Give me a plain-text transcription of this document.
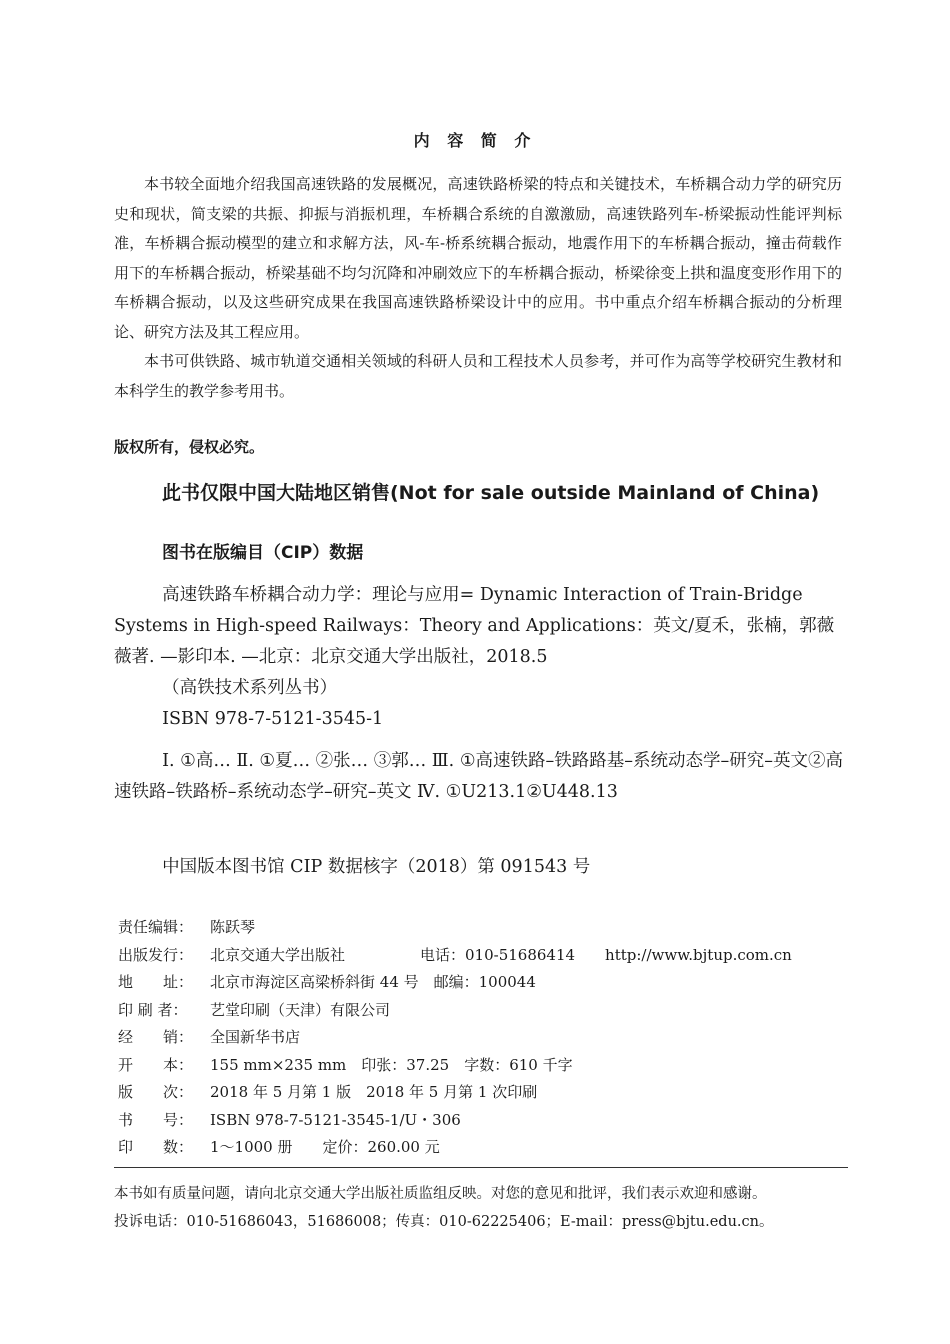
内 容 简 介

本书较全面地介绍我国高速铁路的发展概况，高速铁路桥梁的特点和关键技术，车桥耦合动力学的研究历史和现状，简支梁的共振、抑振与消振机理，车桥耦合系统的自激激励，高速铁路列车-桥梁振动性能评判标准，车桥耦合振动模型的建立和求解方法，风-车-桥系统耦合振动，地震作用下的车桥耦合振动，撞击荷载作用下的车桥耦合振动，桥梁基础不均匀沉降和冲刷效应下的车桥耦合振动，桥梁徐变上拱和温度变形作用下的车桥耦合振动，以及这些研究成果在我国高速铁路桥梁设计中的应用。书中重点介绍车桥耦合振动的分析理论、研究方法及其工程应用。

本书可供铁路、城市轨道交通相关领域的科研人员和工程技术人员参考，并可作为高等学校研究生教材和本科学生的教学参考用书。

版权所有，侵权必究。
此书仅限中国大陆地区销售(Not for sale outside Mainland of China)
图书在版编目（CIP）数据

高速铁路车桥耦合动力学：理论与应用= Dynamic Interaction of Train-Bridge Systems in High-speed Railways：Theory and Applications：英文/夏禾，张楠，郭薇薇著. —影印本. —北京：北京交通大学出版社，2018.5

（高铁技术系列丛书）

ISBN 978-7-5121-3545-1

Ⅰ. ①高… Ⅱ. ①夏… ②张… ③郭… Ⅲ. ①高速铁路–铁路路基–系统动态学–研究–英文②高速铁路–铁路桥–系统动态学–研究–英文 Ⅳ. ①U213.1②U448.13

中国版本图书馆 CIP 数据核字（2018）第 091543 号

责任编辑：	陈跃琴
出版发行：	北京交通大学出版社　　　　　电话：010-51686414　　http://www.bjtup.com.cn
地　　址：	北京市海淀区高梁桥斜街 44 号　邮编：100044
印 刷 者：	艺堂印刷（天津）有限公司
经　　销：	全国新华书店
开　　本：	155 mm×235 mm　印张：37.25　字数：610 千字
版　　次：	2018 年 5 月第 1 版　2018 年 5 月第 1 次印刷
书　　号：	ISBN 978-7-5121-3545-1/U・306
印　　数：	1～1000 册　　定价：260.00 元
本书如有质量问题，请向北京交通大学出版社质监组反映。对您的意见和批评，我们表示欢迎和感谢。
投诉电话：010-51686043，51686008；传真：010-62225406；E-mail：press@bjtu.edu.cn。
